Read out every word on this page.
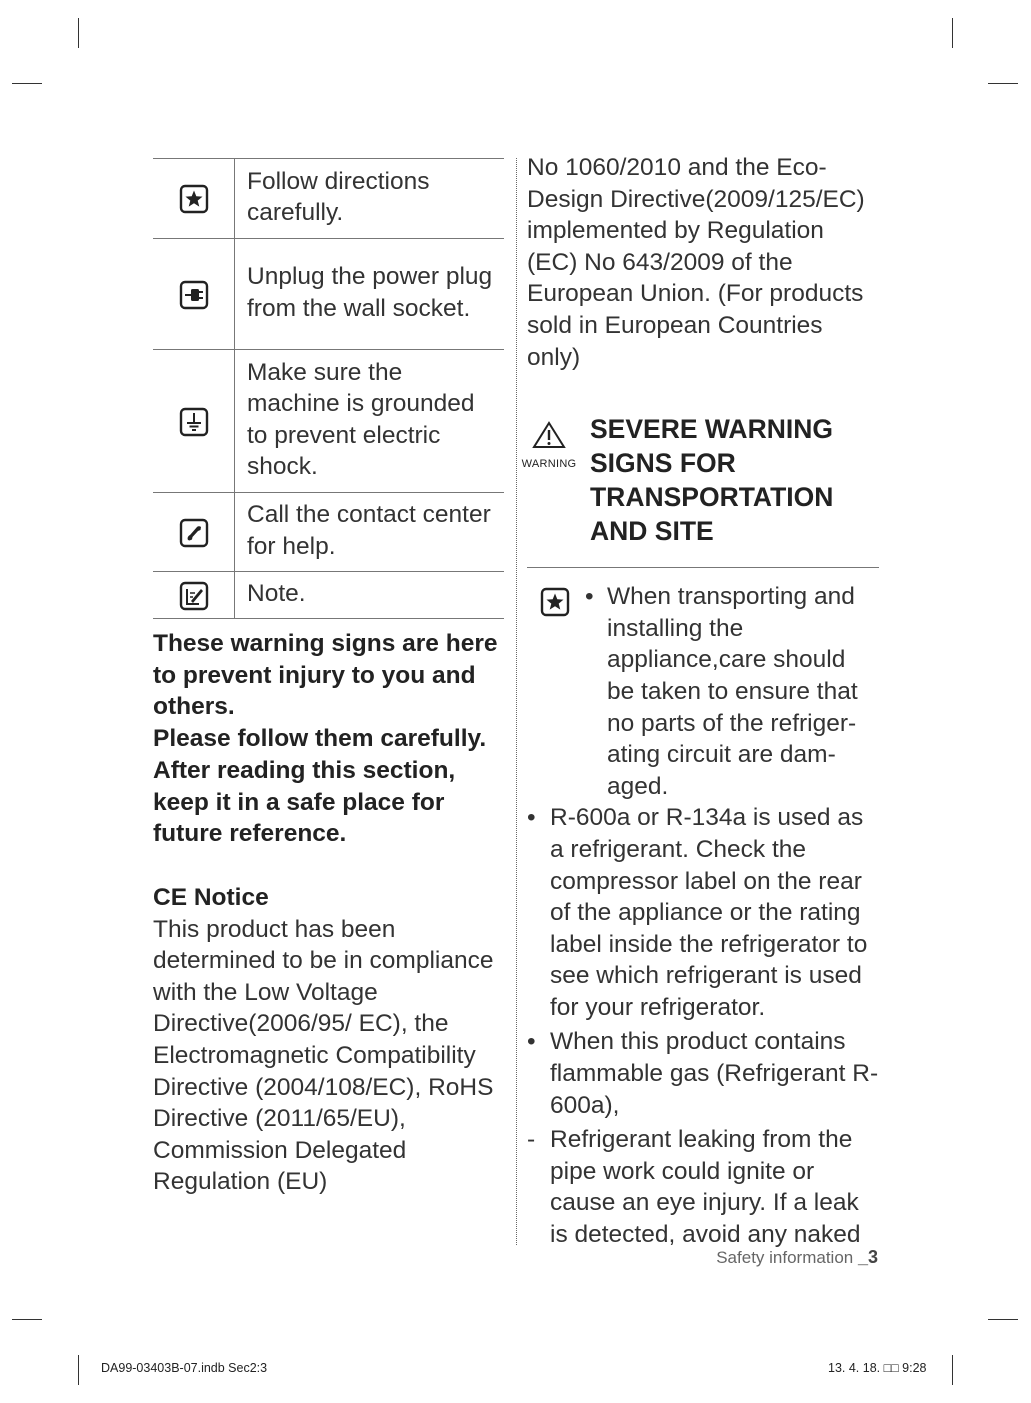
	Follow directions carefully.
	Unplug the power plug from the wall socket.
	Make sure the machine is grounded to prevent electric shock.
	Call the contact center for help.
	Note.
These warning signs are here to prevent injury to you and others.
Please follow them carefully.
After reading this section, keep it in a safe place for future reference.
CE Notice
This product has been determined to be in compliance with the Low Voltage Directive(2006/95/ EC), the Electromagnetic Compatibility Directive (2004/108/EC), RoHS Directive (2011/65/EU), Commission Delegated Regulation (EU)

No 1060/2010 and the Eco-Design Directive(2009/125/EC) implemented by Regulation (EC) No 643/2009 of the European Union. (For products sold in European Countries only)

WARNING
SEVERE WARNING SIGNS FOR TRANSPORTATION AND SITE
• When transporting and installing the appliance,care should be taken to ensure that no parts of the refriger-ating circuit are dam-aged.
• R-600a or R-134a is used as a refrigerant. Check the compressor label on the rear of the appliance or the rating label inside the refrigerator to see which refrigerant is used for your refrigerator.
• When this product contains flammable gas (Refrigerant R-600a),
- Refrigerant leaking from the pipe work could ignite or cause an eye injury. If a leak is detected, avoid any naked
Safety information _3
DA99-03403B-07.indb Sec2:3	13. 4. 18. □□ 9:28
